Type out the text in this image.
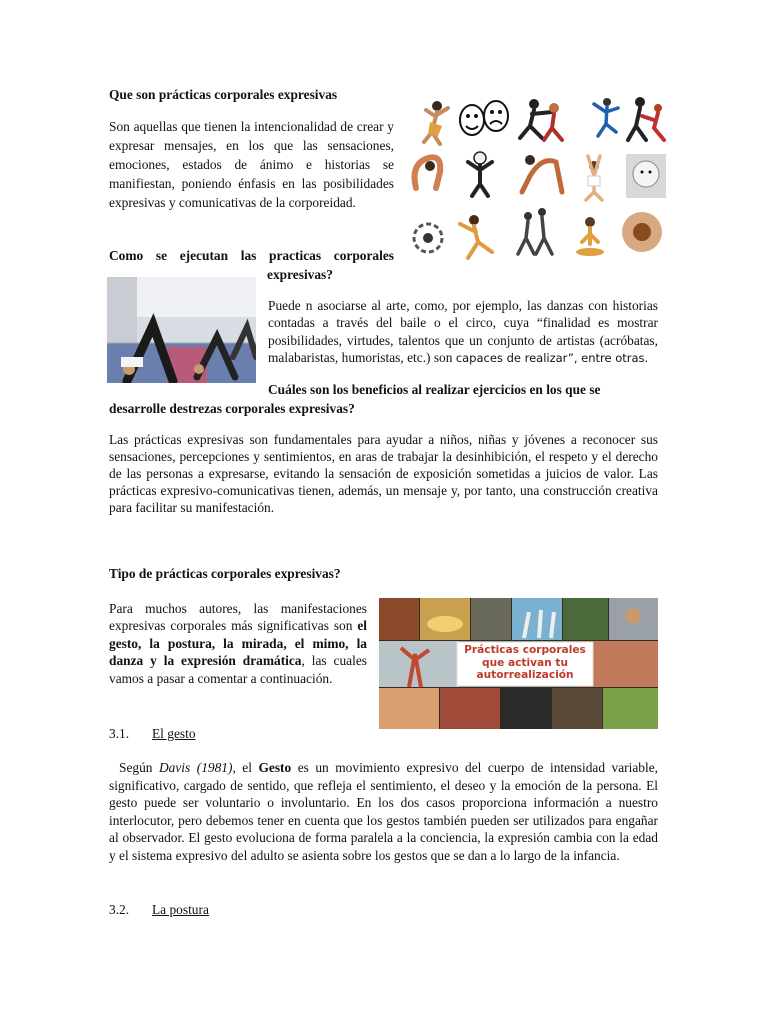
Que son prácticas corporales expresivas

Son aquellas que tienen la intencionalidad de crear y expresar mensajes, en los que las sensaciones, emociones, estados de ánimo e historias se manifiestan, poniendo énfasis en las posibilidades expresivas y comunicativas de la corporeidad.

Como se ejecutan las practicas corporales
expresivas?

Puede n asociarse al arte, como, por ejemplo, las danzas con historias contadas a través del baile o el circo, cuya “finalidad es mostrar posibilidades, virtudes, talentos que un conjunto de artistas (acróbatas, malabaristas, humoristas, etc.) son capaces de realizar”, entre otras.

Cuáles son los beneficios al realizar ejercicios en los que se
desarrolle destrezas corporales expresivas?

Las prácticas expresivas son fundamentales para ayudar a niños, niñas y jóvenes a reconocer sus sensaciones, percepciones y sentimientos, en aras de trabajar la desinhibición, el respeto y el derecho de las personas a expresarse, evitando la sensación de exposición sometidas a juicios de valor. Las prácticas expresivo-comunicativas tienen, además, un mensaje y, por tanto, una construcción creativa para facilitar su manifestación.

Tipo de prácticas corporales expresivas?

Para muchos autores, las manifestaciones expresivas corporales más significativas son el gesto, la postura, la mirada, el mimo, la danza y la expresión dramática, las cuales vamos a pasar a comentar a continuación.

Prácticas corporales
que activan tu
autorrealización
3.1. El gesto

Según Davis (1981), el Gesto es un movimiento expresivo del cuerpo de intensidad variable, significativo, cargado de sentido, que refleja el sentimiento, el deseo y la emoción de la persona. El gesto puede ser voluntario o involuntario. En los dos casos proporciona información a nuestro interlocutor, pero debemos tener en cuenta que los gestos también pueden ser utilizados para engañar al observador. El gesto evoluciona de forma paralela a la conciencia, la expresión cambia con la edad y el sistema expresivo del adulto se asienta sobre los gestos que se dan a lo largo de la infancia.

3.2. La postura
